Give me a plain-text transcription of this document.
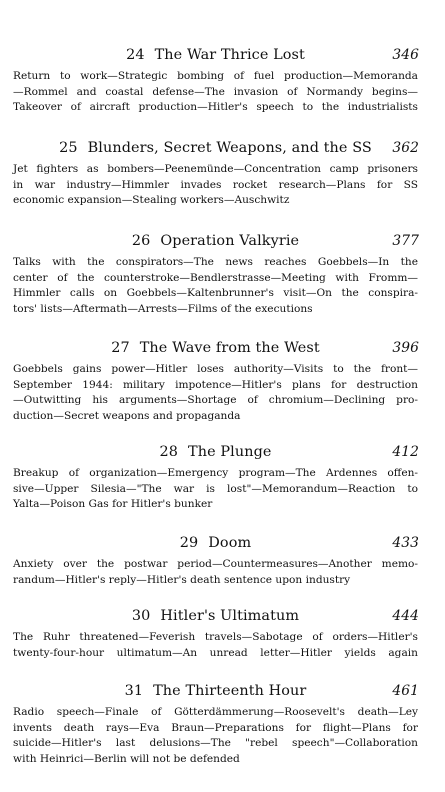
24 The War Thrice Lost	346
Return to work—Strategic bombing of fuel production—Memoranda
—Rommel and coastal defense—The invasion of Normandy begins—
Takeover of aircraft production—Hitler's speech to the industrialists
25 Blunders, Secret Weapons, and the SS 362
Jet fighters as bombers—Peenemünde—Concentration camp prisoners
in war industry—Himmler invades rocket research—Plans for SS
economic expansion—Stealing workers—Auschwitz
26 Operation Valkyrie	377
Talks with the conspirators—The news reaches Goebbels—In the
center of the counterstroke—Bendlerstrasse—Meeting with Fromm—
Himmler calls on Goebbels—Kaltenbrunner's visit—On the conspira-
tors' lists—Aftermath—Arrests—Films of the executions
27 The Wave from the West	396
Goebbels gains power—Hitler loses authority—Visits to the front—
September 1944: military impotence—Hitler's plans for destruction
—Outwitting his arguments—Shortage of chromium—Declining pro-
duction—Secret weapons and propaganda
28 The Plunge	412
Breakup of organization—Emergency program—The Ardennes offen-
sive—Upper Silesia—"The war is lost"—Memorandum—Reaction to
Yalta—Poison Gas for Hitler's bunker
29 Doom	433
Anxiety over the postwar period—Countermeasures—Another memo-
randum—Hitler's reply—Hitler's death sentence upon industry
30 Hitler's Ultimatum	444
The Ruhr threatened—Feverish travels—Sabotage of orders—Hitler's
twenty-four-hour ultimatum—An unread letter—Hitler yields again
31 The Thirteenth Hour	461
Radio speech—Finale of Götterdämmerung—Roosevelt's death—Ley
invents death rays—Eva Braun—Preparations for flight—Plans for
suicide—Hitler's last delusions—The "rebel speech"—Collaboration
with Heinrici—Berlin will not be defended
